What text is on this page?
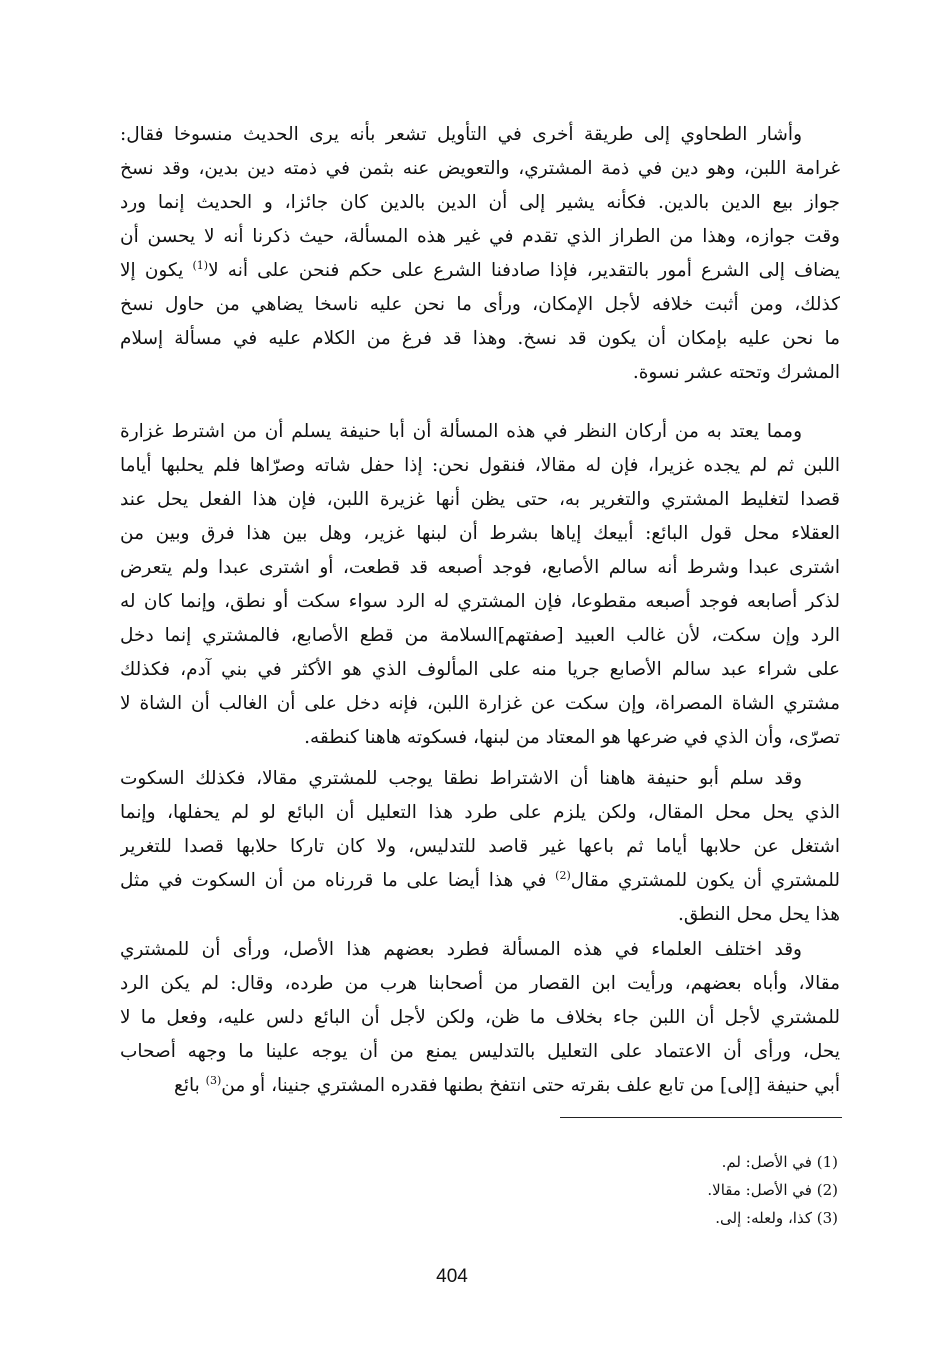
وأشار الطحاوي إلى طريقة أخرى في التأويل تشعر بأنه يرى الحديث منسوخا فقال:
غرامة اللبن، وهو دين في ذمة المشتري، والتعويض عنه بثمن في ذمته دين بدين، وقد نسخ
جواز بيع الدين بالدين. فكأنه يشير إلى أن الدين بالدين كان جائزا، و الحديث إنما ورد
وقت جوازه، وهذا من الطراز الذي تقدم في غير هذه المسألة، حيث ذكرنا أنه لا يحسن أن
يضاف إلى الشرع أمور بالتقدير، فإذا صادفنا الشرع على حكم فنحن على أنه لا$^{(1)}$ يكون إلا
كذلك، ومن أثبت خلافه لأجل الإمكان، ورأى ما نحن عليه ناسخا يضاهي من حاول نسخ
ما نحن عليه بإمكان أن يكون قد نسخ. وهذا قد فرغ من الكلام عليه في مسألة إسلام
المشرك وتحته عشر نسوة.
ومما يعتد به من أركان النظر في هذه المسألة أن أبا حنيفة يسلم أن من اشترط غزارة
اللبن ثم لم يجده غزيرا، فإن له مقالا، فنقول نحن: إذا حفل شاته وصرّاها فلم يحلبها أياما
قصدا لتغليط المشتري والتغرير به، حتى يظن أنها غزيرة اللبن، فإن هذا الفعل يحل عند
العقلاء محل قول البائع: أبيعك إياها بشرط أن لبنها غزير، وهل بين هذا فرق وبين من
اشترى عبدا وشرط أنه سالم الأصابع، فوجد أصبعه قد قطعت، أو اشترى عبدا ولم يتعرض
لذكر أصابعه فوجد أصبعه مقطوعا، فإن المشتري له الرد سواء سكت أو نطق، وإنما كان له
الرد وإن سكت، لأن غالب العبيد [صفتهم]السلامة من قطع الأصابع، فالمشتري إنما دخل
على شراء عبد سالم الأصابع جريا منه على المألوف الذي هو الأكثر في بني آدم، فكذلك
مشتري الشاة المصراة، وإن سكت عن غزارة اللبن، فإنه دخل على أن الغالب أن الشاة لا
تصرّى، وأن الذي في ضرعها هو المعتاد من لبنها، فسكوته هاهنا كنطقه.
وقد سلم أبو حنيفة هاهنا أن الاشتراط نطقا يوجب للمشتري مقالا، فكذلك السكوت
الذي يحل محل المقال، ولكن يلزم على طرد هذا التعليل أن البائع لو لم يحفلها، وإنما
اشتغل عن حلابها أياما ثم باعها غير قاصد للتدليس، ولا كان تاركا حلابها قصدا للتغرير
للمشتري أن يكون للمشتري مقال$^{(2)}$ في هذا أيضا على ما قررناه من أن السكوت في مثل
هذا يحل محل النطق.
وقد اختلف العلماء في هذه المسألة فطرد بعضهم هذا الأصل، ورأى أن للمشتري
مقالا، وأباه بعضهم، ورأيت ابن القصار من أصحابنا هرب من طرده، وقال: لم يكن الرد
للمشتري لأجل أن اللبن جاء بخلاف ما ظن، ولكن لأجل أن البائع دلس عليه، وفعل ما لا
يحل، ورأى أن الاعتماد على التعليل بالتدليس يمنع من أن يوجه علينا ما وجهه أصحاب
أبي حنيفة [إلى] من تابع علف بقرته حتى انتفخ بطنها فقدره المشتري جنينا، أو من$^{(3)}$ بائع
(1) في الأصل: لم.
(2) في الأصل: مقالا.
(3) كذا، ولعله: إلى.
404
